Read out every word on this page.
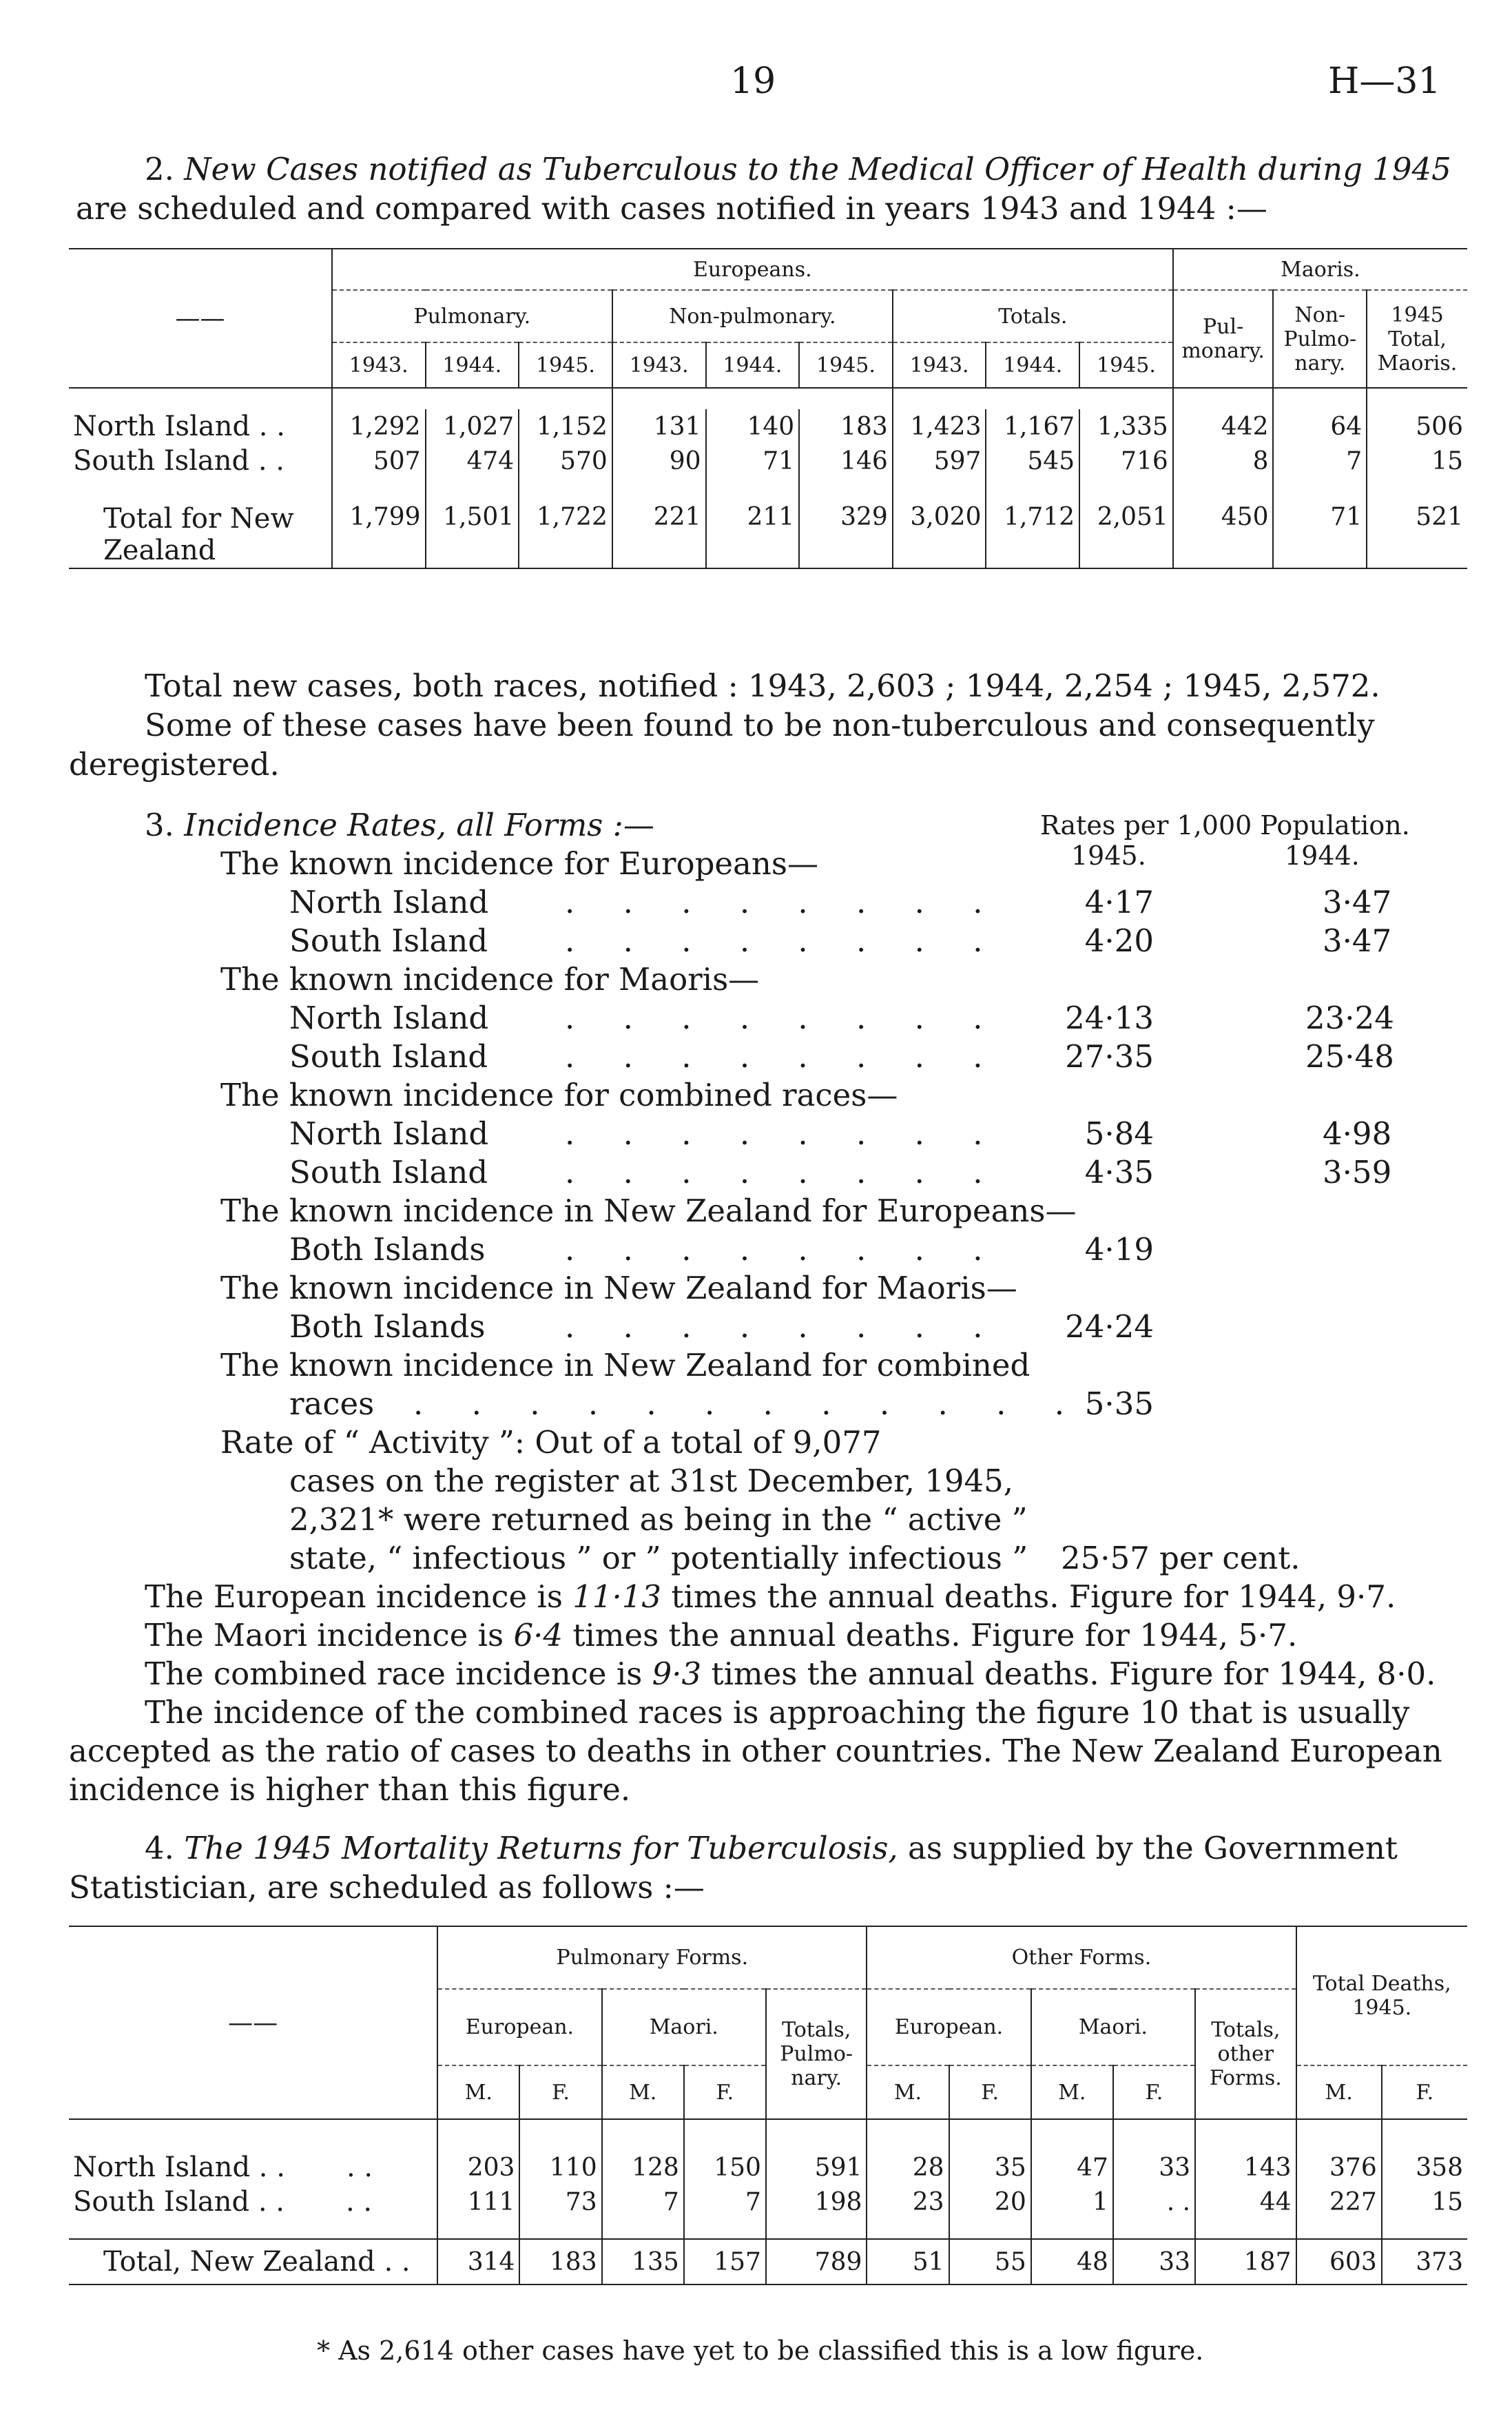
19	H—31
2. New Cases notified as Tuberculous to the Medical Officer of Health during 1945
are scheduled and compared with cases notified in years 1943 and 1944 :—
——	Europeans.									Maoris.		
	Pulmonary.			Non-pulmonary.			Totals.			Pul-monary.	Non-Pulmo-nary.	1945 Total, Maoris.
	1943.	1944.	1945.	1943.	1944.	1945.	1943.	1944.	1945.			

North Island . .	1,292	1,027	1,152	131	140	183	1,423	1,167	1,335	442	64	506
South Island . .	507	474	570	90	71	146	597	545	716	8	7	15

Total for New Zealand	1,799	1,501	1,722	221	211	329	3,020	1,712	2,051	450	71	521
Total new cases, both races, notified : 1943, 2,603 ; 1944, 2,254 ; 1945, 2,572.
Some of these cases have been found to be non-tuberculous and consequently
deregistered.
3. Incidence Rates, all Forms :—	Rates per 1,000 Population.
1945.	1944.
The known incidence for Europeans—
North Island . . . . . . . .	4·17	3·47
South Island . . . . . . . .	4·20	3·47
The known incidence for Maoris—
North Island . . . . . . . . 24·13	23·24
South Island . . . . . . . . 27·35	25·48
The known incidence for combined races—
North Island . . . . . . . .	5·84	4·98
South Island . . . . . . . .	4·35	3·59
The known incidence in New Zealand for Europeans—
Both Islands	. . . . . . . .	4·19
The known incidence in New Zealand for Maoris—
Both Islands	. . . . . . . . 24·24
The known incidence in New Zealand for combined
races . . . . . . . . . . . . 5·35
Rate of “ Activity ”: Out of a total of 9,077
cases on the register at 31st December, 1945,
2,321* were returned as being in the “ active ”
state, “ infectious ” or ” potentially infectious ” 25·57 per cent.
The European incidence is 11·13 times the annual deaths. Figure for 1944, 9·7.
The Maori incidence is 6·4 times the annual deaths. Figure for 1944, 5·7.
The combined race incidence is 9·3 times the annual deaths. Figure for 1944, 8·0.
The incidence of the combined races is approaching the figure 10 that is usually
accepted as the ratio of cases to deaths in other countries. The New Zealand European
incidence is higher than this figure.
4. The 1945 Mortality Returns for Tuberculosis, as supplied by the Government
Statistician, are scheduled as follows :—
——	Pulmonary Forms.					Other Forms.					Total Deaths, 1945.	
	European.		Maori.		Totals, Pulmo-nary.	European.		Maori.		Totals, other Forms.		
	M.	F.	M.	F.		M.	F.	M.	F.		M.	F.

North Island . .       . .	203	110	128	150	591	28	35	47	33	143	376	358
South Island . .       . .	111	73	7	7	198	23	20	1	. .	44	227	15

Total, New Zealand . .	314	183	135	157	789	51	55	48	33	187	603	373
* As 2,614 other cases have yet to be classified this is a low figure.
